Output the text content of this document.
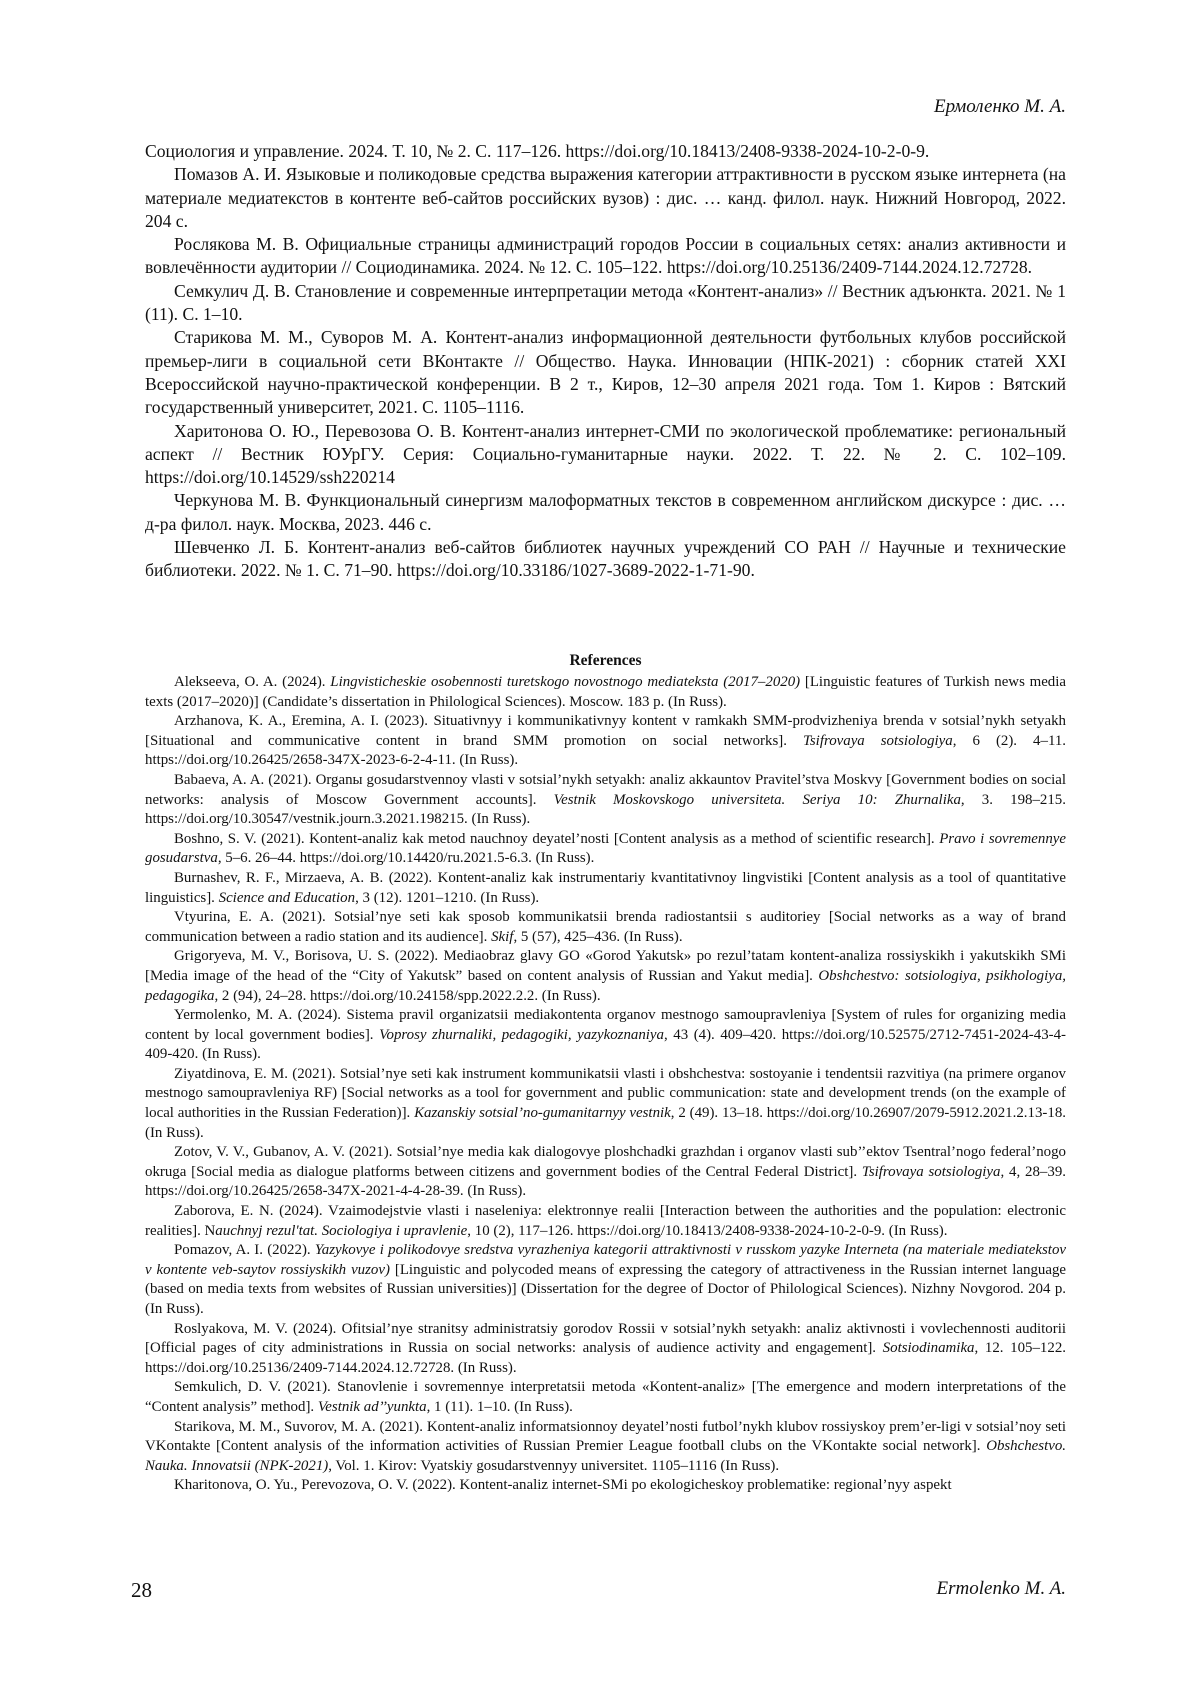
Ермоленко М. А.

Социология и управление. 2024. Т. 10, № 2. С. 117–126. https://doi.org/10.18413/2408-9338-2024-10-2-0-9.

Помазов А. И. Языковые и поликодовые средства выражения категории аттрактивности в русском языке интернета (на материале медиатекстов в контенте веб-сайтов российских вузов) : дис. … канд. филол. наук. Нижний Новгород, 2022. 204 с.

Рослякова М. В. Официальные страницы администраций городов России в социальных сетях: анализ активности и вовлечённости аудитории // Социодинамика. 2024. № 12. С. 105–122. https://doi.org/10.25136/2409-7144.2024.12.72728.

Семкулич Д. В. Становление и современные интерпретации метода «Контент-анализ» // Вестник адъюнкта. 2021. № 1 (11). С. 1–10.

Старикова М. М., Суворов М. А. Контент-анализ информационной деятельности футбольных клубов российской премьер-лиги в социальной сети ВКонтакте // Общество. Наука. Инновации (НПК-2021) : сборник статей XXI Всероссийской научно-практической конференции. В 2 т., Киров, 12–30 апреля 2021 года. Том 1. Киров : Вятский государственный университет, 2021. С. 1105–1116.

Харитонова О. Ю., Перевозова О. В. Контент-анализ интернет-СМИ по экологической проблематике: региональный аспект // Вестник ЮУрГУ. Серия: Социально-гуманитарные науки. 2022. Т. 22. № 2. С. 102–109. https://doi.org/10.14529/ssh220214

Черкунова М. В. Функциональный синергизм малоформатных текстов в современном английском дискурсе : дис. … д-ра филол. наук. Москва, 2023. 446 с.

Шевченко Л. Б. Контент-анализ веб-сайтов библиотек научных учреждений СО РАН // Научные и технические библиотеки. 2022. № 1. С. 71–90. https://doi.org/10.33186/1027-3689-2022-1-71-90.

References

Alekseeva, O. A. (2024). Lingvisticheskie osobennosti turetskogo novostnogo mediateksta (2017–2020) [Linguistic features of Turkish news media texts (2017–2020)] (Candidate’s dissertation in Philological Sciences). Moscow. 183 p. (In Russ).

Arzhanova, K. A., Eremina, A. I. (2023). Situativnyy i kommunikativnyy kontent v ramkakh SMM-prodvizheniya brenda v sotsial’nykh setyakh [Situational and communicative content in brand SMM promotion on social networks]. Tsifrovaya sotsiologiya, 6 (2). 4–11. https://doi.org/10.26425/2658-347X-2023-6-2-4-11. (In Russ).

Babaeva, A. A. (2021). Organы gosudarstvennoy vlasti v sotsial’nykh setyakh: analiz akkauntov Pravitel’stva Moskvy [Government bodies on social networks: analysis of Moscow Government accounts]. Vestnik Moskovskogo universiteta. Seriya 10: Zhurnalika, 3. 198–215. https://doi.org/10.30547/vestnik.journ.3.2021.198215. (In Russ).

Boshno, S. V. (2021). Kontent-analiz kak metod nauchnoy deyatel’nosti [Content analysis as a method of scientific research]. Pravo i sovremennye gosudarstva, 5–6. 26–44. https://doi.org/10.14420/ru.2021.5-6.3. (In Russ).

Burnashev, R. F., Mirzaeva, A. B. (2022). Kontent-analiz kak instrumentariy kvantitativnoy lingvistiki [Content analysis as a tool of quantitative linguistics]. Science and Education, 3 (12). 1201–1210. (In Russ).

Vtyurina, E. A. (2021). Sotsial’nye seti kak sposob kommunikatsii brenda radiostantsii s auditoriey [Social networks as a way of brand communication between a radio station and its audience]. Skif, 5 (57), 425–436. (In Russ).

Grigoryeva, M. V., Borisova, U. S. (2022). Mediaobraz glavy GO «Gorod Yakutsk» po rezul’tatam kontent-analiza rossiyskikh i yakutskikh SMi [Media image of the head of the “City of Yakutsk” based on content analysis of Russian and Yakut media]. Obshchestvo: sotsiologiya, psikhologiya, pedagogika, 2 (94), 24–28. https://doi.org/10.24158/spp.2022.2.2. (In Russ).

Yermolenko, M. A. (2024). Sistema pravil organizatsii mediakontenta organov mestnogo samoupravleniya [System of rules for organizing media content by local government bodies]. Voprosy zhurnaliki, pedagogiki, yazykoznaniya, 43 (4). 409–420. https://doi.org/10.52575/2712-7451-2024-43-4-409-420. (In Russ).

Ziyatdinova, E. M. (2021). Sotsial’nye seti kak instrument kommunikatsii vlasti i obshchestva: sostoyanie i tendentsii razvitiya (na primere organov mestnogo samoupravleniya RF) [Social networks as a tool for government and public communication: state and development trends (on the example of local authorities in the Russian Federation)]. Kazanskiy sotsial’no-gumanitarnyy vestnik, 2 (49). 13–18. https://doi.org/10.26907/2079-5912.2021.2.13-18. (In Russ).

Zotov, V. V., Gubanov, A. V. (2021). Sotsial’nye media kak dialogovye ploshchadki grazhdan i organov vlasti sub’’ektov Tsentral’nogo federal’nogo okruga [Social media as dialogue platforms between citizens and government bodies of the Central Federal District]. Tsifrovaya sotsiologiya, 4, 28–39. https://doi.org/10.26425/2658-347X-2021-4-4-28-39. (In Russ).

Zaborova, E. N. (2024). Vzaimodejstvie vlasti i naseleniya: elektronnye realii [Interaction between the authorities and the population: electronic realities]. Nauchnyj rezul'tat. Sociologiya i upravlenie, 10 (2), 117–126. https://doi.org/10.18413/2408-9338-2024-10-2-0-9. (In Russ).

Pomazov, A. I. (2022). Yazykovye i polikodovye sredstva vyrazheniya kategorii attraktivnosti v russkom yazyke Interneta (na materiale mediatekstov v kontente veb-saytov rossiyskikh vuzov) [Linguistic and polycoded means of expressing the category of attractiveness in the Russian internet language (based on media texts from websites of Russian universities)] (Dissertation for the degree of Doctor of Philological Sciences). Nizhny Novgorod. 204 p. (In Russ).

Roslyakova, M. V. (2024). Ofitsial’nye stranitsy administratsiy gorodov Rossii v sotsial’nykh setyakh: analiz aktivnosti i vovlechennosti auditorii [Official pages of city administrations in Russia on social networks: analysis of audience activity and engagement]. Sotsiodinamika, 12. 105–122. https://doi.org/10.25136/2409-7144.2024.12.72728. (In Russ).

Semkulich, D. V. (2021). Stanovlenie i sovremennye interpretatsii metoda «Kontent-analiz» [The emergence and modern interpretations of the “Content analysis” method]. Vestnik ad’’yunkta, 1 (11). 1–10. (In Russ).

Starikova, M. M., Suvorov, M. A. (2021). Kontent-analiz informatsionnoy deyatel’nosti futbol’nykh klubov rossiyskoy prem’er-ligi v sotsial’noy seti VKontakte [Content analysis of the information activities of Russian Premier League football clubs on the VKontakte social network]. Obshchestvo. Nauka. Innovatsii (NPK-2021), Vol. 1. Kirov: Vyatskiy gosudarstvennyy universitet. 1105–1116 (In Russ).

Kharitonova, O. Yu., Perevozova, O. V. (2022). Kontent-analiz internet-SMi po ekologicheskoy problematike: regional’nyy aspekt

28	Ermolenko M. A.
